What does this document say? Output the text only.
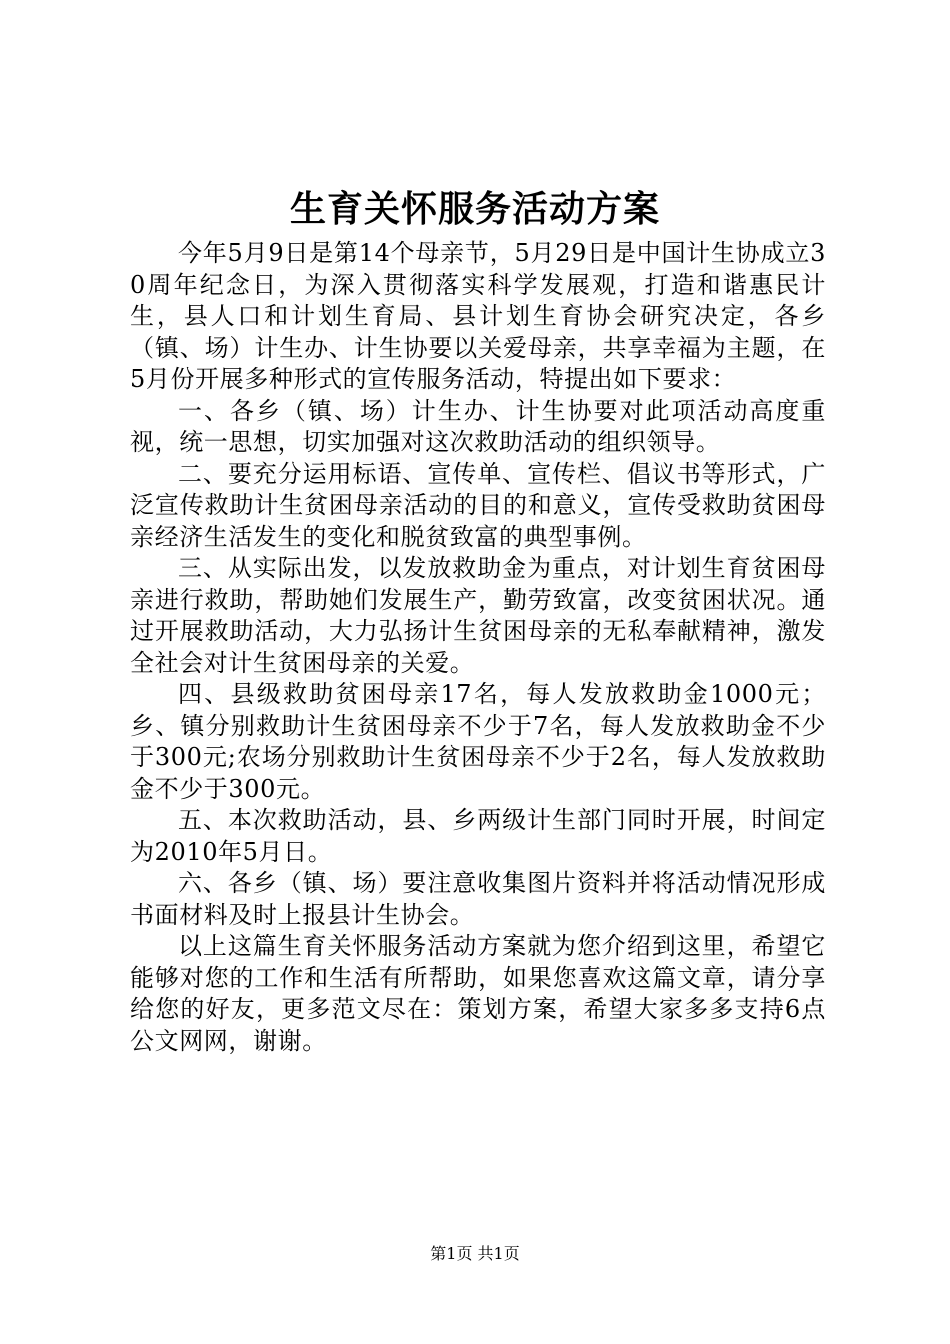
生育关怀服务活动方案

今年5月9日是第14个母亲节，5月29日是中国计生协成立30周年纪念日，为深入贯彻落实科学发展观，打造和谐惠民计生，县人口和计划生育局、县计划生育协会研究决定，各乡（镇、场）计生办、计生协要以关爱母亲，共享幸福为主题，在5月份开展多种形式的宣传服务活动，特提出如下要求：

一、各乡（镇、场）计生办、计生协要对此项活动高度重视，统一思想，切实加强对这次救助活动的组织领导。

二、要充分运用标语、宣传单、宣传栏、倡议书等形式，广泛宣传救助计生贫困母亲活动的目的和意义，宣传受救助贫困母亲经济生活发生的变化和脱贫致富的典型事例。

三、从实际出发，以发放救助金为重点，对计划生育贫困母亲进行救助，帮助她们发展生产，勤劳致富，改变贫困状况。通过开展救助活动，大力弘扬计生贫困母亲的无私奉献精神，激发全社会对计生贫困母亲的关爱。

四、县级救助贫困母亲17名，每人发放救助金1000元；乡、镇分别救助计生贫困母亲不少于7名，每人发放救助金不少于300元;农场分别救助计生贫困母亲不少于2名，每人发放救助金不少于300元。

五、本次救助活动，县、乡两级计生部门同时开展，时间定为2010年5月日。

六、各乡（镇、场）要注意收集图片资料并将活动情况形成书面材料及时上报县计生协会。

以上这篇生育关怀服务活动方案就为您介绍到这里，希望它能够对您的工作和生活有所帮助，如果您喜欢这篇文章，请分享给您的好友，更多范文尽在：策划方案，希望大家多多支持6点公文网网，谢谢。

第1页 共1页
